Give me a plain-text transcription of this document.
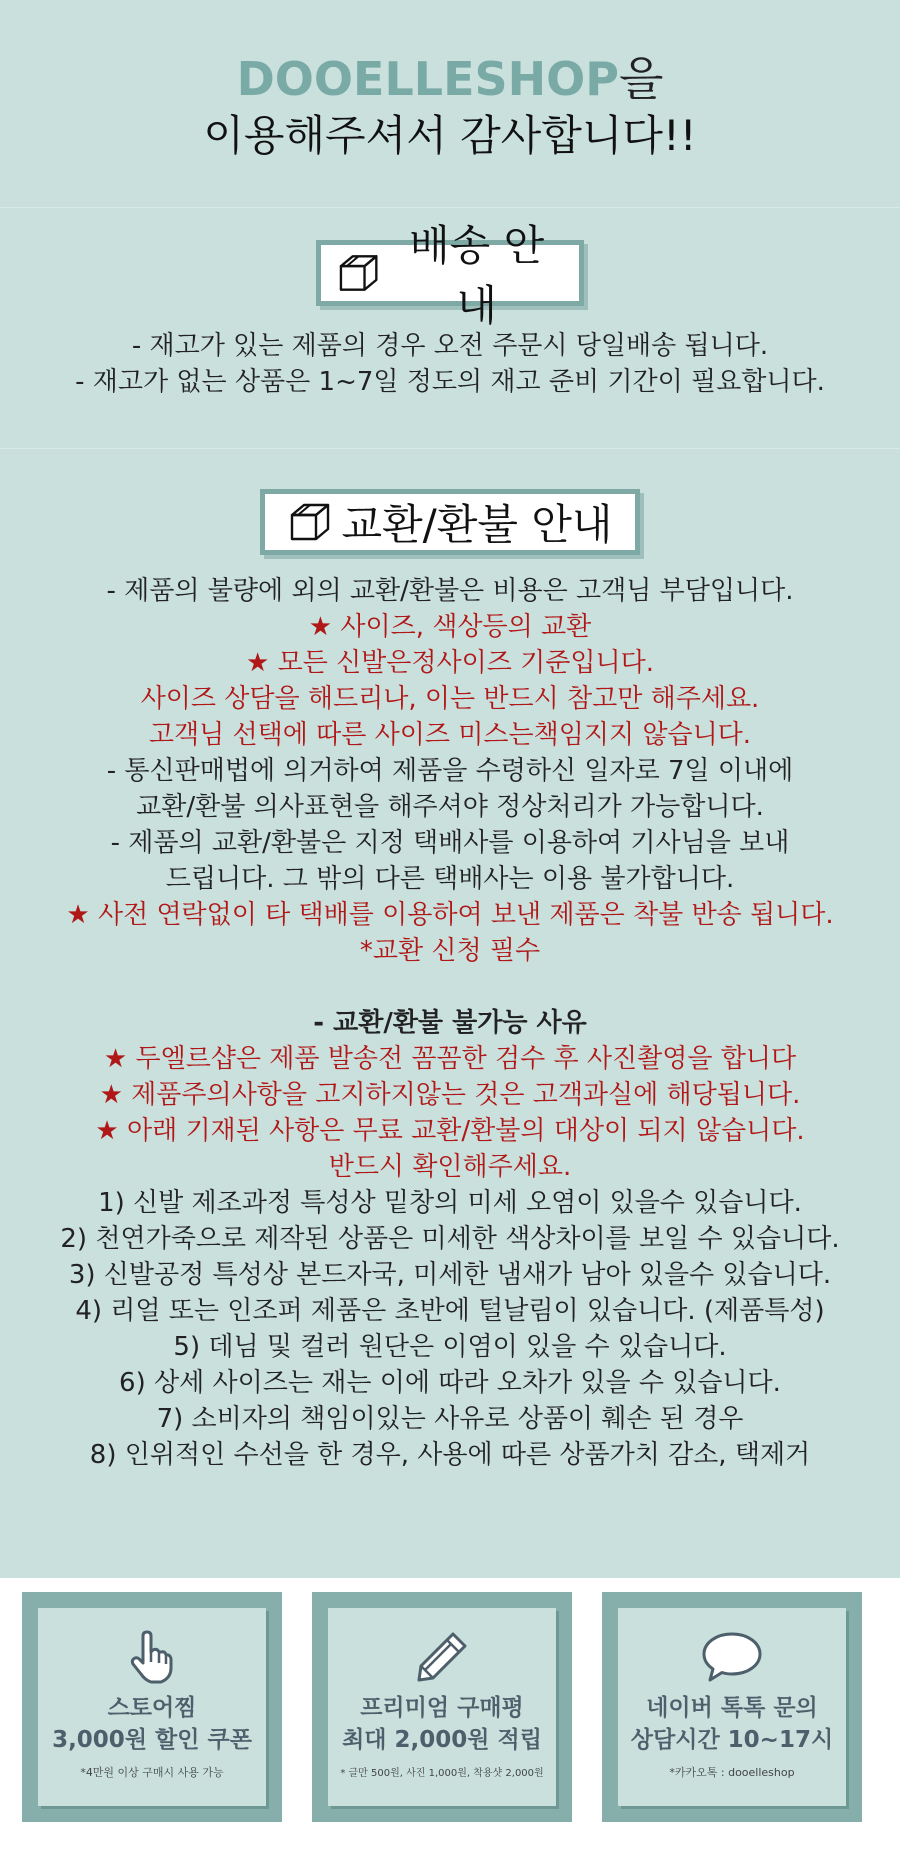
DOOELLESHOP을
이용해주셔서 감사합니다!!
배송 안내
- 재고가 있는 제품의 경우 오전 주문시 당일배송 됩니다.
- 재고가 없는 상품은 1~7일 정도의 재고 준비 기간이 필요합니다.
교환/환불 안내
- 제품의 불량에 외의 교환/환불은 비용은 고객님 부담입니다.
★ 사이즈, 색상등의 교환
★ 모든 신발은정사이즈 기준입니다.
사이즈 상담을 해드리나, 이는 반드시 참고만 해주세요.
고객님 선택에 따른 사이즈 미스는책임지지 않습니다.
- 통신판매법에 의거하여 제품을 수령하신 일자로 7일 이내에
교환/환불 의사표현을 해주셔야 정상처리가 가능합니다.
- 제품의 교환/환불은 지정 택배사를 이용하여 기사님을 보내
드립니다. 그 밖의 다른 택배사는 이용 불가합니다.
★ 사전 연락없이 타 택배를 이용하여 보낸 제품은 착불 반송 됩니다.
*교환 신청 필수
- 교환/환불 불가능 사유
★ 두엘르샵은 제품 발송전 꼼꼼한 검수 후 사진촬영을 합니다
★ 제품주의사항을 고지하지않는 것은 고객과실에 해당됩니다.
★ 아래 기재된 사항은 무료 교환/환불의 대상이 되지 않습니다.
반드시 확인해주세요.
1) 신발 제조과정 특성상 밑창의 미세 오염이 있을수 있습니다.
2) 천연가죽으로 제작된 상품은 미세한 색상차이를 보일 수 있습니다.
3) 신발공정 특성상 본드자국, 미세한 냄새가 남아 있을수 있습니다.
4) 리얼 또는 인조퍼 제품은 초반에 털날림이 있습니다. (제품특성)
5) 데님 및 컬러 원단은 이염이 있을 수 있습니다.
6) 상세 사이즈는 재는 이에 따라 오차가 있을 수 있습니다.
7) 소비자의 책임이있는 사유로 상품이 훼손 된 경우
8) 인위적인 수선을 한 경우, 사용에 따른 상품가치 감소, 택제거
스토어찜
3,000원 할인 쿠폰
*4만원 이상 구매시 사용 가능
프리미엄 구매평
최대 2,000원 적립
* 글만 500원, 사진 1,000원, 착용샷 2,000원
네이버 톡톡 문의
상담시간 10~17시
*카카오톡 : dooelleshop
